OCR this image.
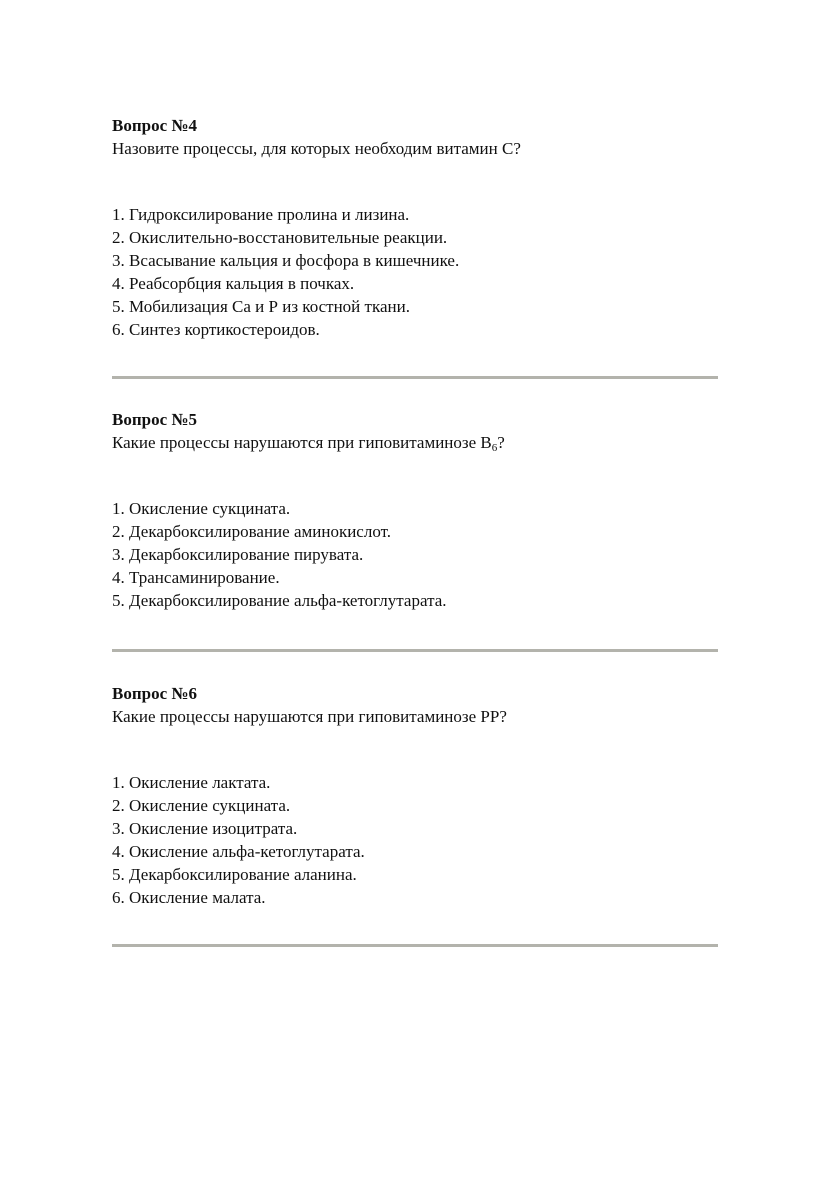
Вопрос №4

Назовите процессы, для которых необходим витамин С?

1. Гидроксилирование пролина и лизина.
2. Окислительно-восстановительные реакции.
3. Всасывание кальция и фосфора в кишечнике.
4. Реабсорбция кальция в почках.
5. Мобилизация Са и Р из костной ткани.
6. Синтез кортикостероидов.

Вопрос №5

Какие процессы нарушаются при гиповитаминозе $В_6$?

1. Окисление сукцината.
2. Декарбоксилирование аминокислот.
3. Декарбоксилирование пирувата.
4. Трансаминирование.
5. Декарбоксилирование альфа-кетоглутарата.

Вопрос №6

Какие процессы нарушаются при гиповитаминозе РР?

1. Окисление лактата.
2. Окисление сукцината.
3. Окисление изоцитрата.
4. Окисление альфа-кетоглутарата.
5. Декарбоксилирование аланина.
6. Окисление малата.
